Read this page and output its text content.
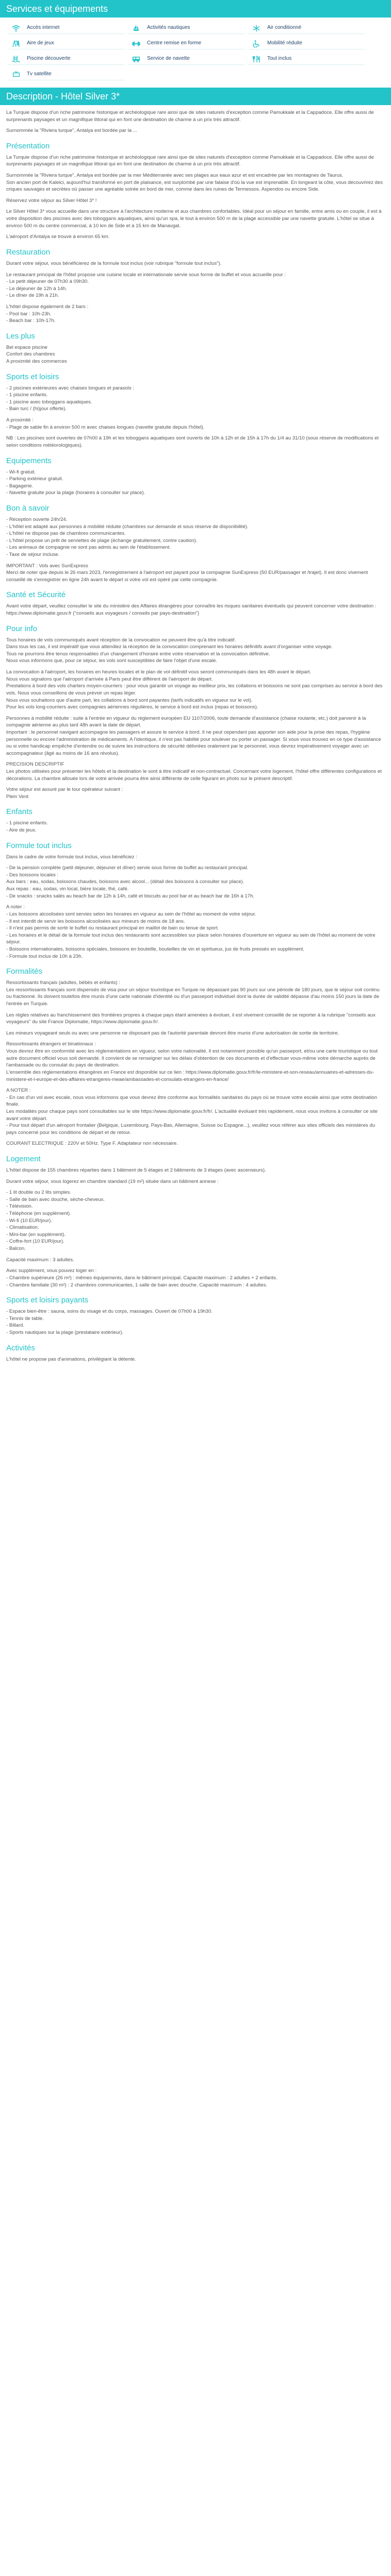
Services et équipements
Accès internet	Activités nautiques	Air conditionné
Aire de jeux	Centre remise en forme	Mobilité réduite
Piscine découverte	Service de navette	Tout inclus
Tv satellite
Description - Hôtel Silver 3*

La Turquie dispose d'un riche patrimoine historique et archéologique rare ainsi que de sites naturels d'exception comme Pamukkale et la Cappadoce. Elle offre aussi de surprenants paysages et un magnifique littoral qui en font une destination de charme à un prix très attractif.

Surnommée la "Riviera turque", Antalya est bordée par la ...

Présentation

La Turquie dispose d'un riche patrimoine historique et archéologique rare ainsi que de sites naturels d'exception comme Pamukkale et la Cappadoce. Elle offre aussi de surprenants paysages et un magnifique littoral qui en font une destination de charme à un prix très attractif.

Surnommée la "Riviera turque", Antalya est bordée par la mer Méditerranée avec ses plages aux eaux azur et est encadrée par les montagnes de Taurus.
Son ancien port de Kaleici, aujourd'hui transformé en port de plaisance, est surplombé par une falaise d'où la vue est imprenable. En longeant la côte, vous découvrirez des criques sauvages et secrètes où passer une agréable soirée en bord de mer, comme dans les ruines de Termessos. Aspendos ou encore Side.

Réservez votre séjour au Silver Hôtel 3* !

Le Silver Hôtel 3* vous accueille dans une structure à l'architecture moderne et aux chambres confortables. Idéal pour un séjour en famille, entre amis ou en couple, il est à votre disposition des piscines avec des toboggans aquatiques, ainsi qu'un spa, le tout à environ 500 m de la plage accessible par une navette gratuite. L'hôtel se situe à environ 500 m du centre commercial, à 10 km de Side et à 15 km de Manavgat.

L'aéroport d'Antalya se trouve à environ 65 km.

Restauration

Durant votre séjour, vous bénéficierez de la formule tout inclus (voir rubrique "formule tout inclus").

Le restaurant principal de l'hôtel propose une cuisine locale et internationale servie sous forme de buffet et vous accueille pour :
- Le petit déjeuner de 07h30 à 09h30.
- Le déjeuner de 12h à 14h.
- Le dîner de 19h à 21h.

L'hôtel dispose également de 2 bars :
- Pool bar : 10h-23h.
- Beach bar : 10h-17h.

Les plus

Bel espace piscine
Confort des chambres
A proximité des commerces

Sports et loisirs

- 2 piscines extérieures avec chaises longues et parasols :
- 1 piscine enfants.
- 1 piscine avec toboggans aquatiques.
- Bain turc / (hi)jour offerte).

A proximité :
- Plage de sable fin à environ 500 m avec chaises longues (navette gratuite depuis l'hôtel).

NB : Les piscines sont ouvertes de 07h00 à 19h et les toboggans aquatiques sont ouverts de 10h à 12h et de 15h à 17h du 1/4 au 31/10 (sous réserve de modifications et selon conditions météorologiques).

Equipements

- Wi-fi gratuit.
- Parking extérieur gratuit.
- Bagagerie.
- Navette gratuite pour la plage (horaires à consulter sur place).

Bon à savoir

- Réception ouverte 24h/24.
- L'hôtel est adapté aux personnes à mobilité réduite (chambres sur demande et sous réserve de disponibilité).
- L'hôtel ne dispose pas de chambres communicantes.
- L'hôtel propose un prêt de serviettes de plage (échange gratuitement, contre caution).
- Les animaux de compagnie ne sont pas admis au sein de l'établissement.
- Taxe de séjour incluse.

IMPORTANT : Vols avec SunExpress
Merci de noter que depuis le 26 mars 2023, l'enregistrement à l'aéroport est payant pour la compagnie SunExpress (50 EUR/passager et /trajet). Il est donc vivement conseillé de s'enregistrer en ligne 24h avant le départ si votre vol est opéré par cette compagnie.

Santé et Sécurité

Avant votre départ, veuillez consulter le site du ministère des Affaires étrangères pour connaître les risques sanitaires éventuels qui peuvent concerner votre destination : https://www.diplomatie.gouv.fr ("conseils aux voyageurs / conseils par pays-destination")

Pour info

Tous horaires de vols communiqués avant réception de la convocation ne peuvent être qu'à titre indicatif.
Dans tous les cas, il est impératif que vous attendiez la réception de la convocation comprenant les horaires définitifs avant d'organiser votre voyage.
Tous ne pourrons être tenus responsables d'un changement d'horaire entre votre réservation et la convocation définitive.
Nous vous informons que, pour ce séjour, les vols sont susceptibles de faire l'objet d'une escale.

La convocation à l'aéroport, les horaires en heures locales et le plan de vol définitif vous seront communiqués dans les 48h avant le départ.
Nous vous signalons que l'aéroport d'arrivée à Paris peut être différent de l'aéroport de départ.
Prestations à bord des vols charters moyen-courriers : pour vous garantir un voyage au meilleur prix, les collations et boissons ne sont pas comprises au service à bord des vols. Nous vous conseillons de vous prévoir un repas léger.
Nous vous souhaitons que d'autre part, les collations à bord sont payantes (tarifs indicatifs en vigueur sur le vol).
Pour les vols long-courriers avec compagnies aériennes régulières, le service à bord est inclus (repas et boissons).

Personnes à mobilité réduite : suite à l'entrée en vigueur du règlement européen EU 1107/2006, toute demande d'assistance (chaise roulante, etc.) doit parvenir à la compagnie aérienne au plus tard 48h avant la date de départ.
Important : le personnel navigant accompagne les passagers et assure le service à bord. Il ne peut cependant pas apporter son aide pour la prise des repas, l'hygiène personnelle ou encore l'administration de médicaments. A l'identique, il n'est pas habilité pour soulever ou porter un passager. Si vous vous trouvez en ce type d'assistance ou si votre handicap empêche d'entendre ou de suivre les instructions de sécurité délivrées oralement par le personnel, vous devrez impérativement voyager avec un accompagnateur (âgé au moins de 16 ans révolus).

PRECISION DESCRIPTIF
Les photos utilisées pour présenter les hôtels et la destination le sont à titre indicatif et non-contractuel. Concernant votre logement, l'hôtel offre différentes configurations et décorations. La chambre allouée lors de votre arrivée pourra être ainsi différente de celle figurant en photo sur le présent descriptif.

Votre séjour est assuré par le tour opérateur suivant :
Plein Vent

Enfants

- 1 piscine enfants.
- Aire de jeux.

Formule tout inclus

Dans le cadre de votre formule tout inclus, vous bénéficiez :

- De la pension complète (petit déjeuner, déjeuner et dîner) servie sous forme de buffet au restaurant principal.
- Des boissons locales :
Aux bars : eau, sodas, boissons chaudes, boissons avec alcool... (détail des boissons à consulter sur place).
Aux repas : eau, sodas, vin local, bière locale, thé, café.
- De snacks : snacks salés au beach bar de 12h à 14h, café et biscuits au pool bar et au beach bar de 16h à 17h.

A noter :
- Les boissons alcoolisées sont servies selon les horaires en vigueur au sein de l'hôtel au moment de votre séjour.
- Il est interdit de servir les boissons alcoolisées aux mineurs de moins de 18 ans.
- Il n'est pas permis de sortir le buffet ou restaurant principal en maillot de bain ou tenue de sport.
- Les horaires et le détail de la formule tout inclus des restaurants sont accessibles sur place selon horaires d'ouverture en vigueur au sein de l'hôtel au moment de votre séjour.
- Boissons internationales, boissons spéciales, boissons en bouteille, bouteilles de vin et spiritueux, jus de fruits pressés en supplément.
- Formule tout inclus de 10h à 23h.

Formalités

Ressortissants français (adultes, bébés et enfants) :
Les ressortissants français sont dispensés de visa pour un séjour touristique en Turquie ne dépassant pas 90 jours sur une période de 180 jours, que le séjour soit continu ou fractionné. Ils doivent toutefois être munis d'une carte nationale d'identité ou d'un passeport individuel dont la durée de validité dépasse d'au moins 150 jours la date de l'entrée en Turquie.

Les règles relatives au franchissement des frontières propres à chaque pays étant amenées à évoluer, il est vivement conseillé de se reporter à la rubrique "conseils aux voyageurs" du site France Diplomatie, https://www.diplomatie.gouv.fr/.

Les mineurs voyageant seuls ou avec une personne ne disposant pas de l'autorité parentale devront être munis d'une autorisation de sortie de territoire.

Ressortissants étrangers et binationaux :
Vous devrez être en conformité avec les réglementations en vigueur, selon votre nationalité. Il est notamment possible qu'un passeport, et/ou une carte touristique ou tout autre document officiel vous soit demandé. Il convient de se renseigner sur les délais d'obtention de ces documents et d'effectuer vous-même votre démarche auprès de l'ambassade ou du consulat du pays de destination.
L'ensemble des réglementations étrangères en France est disponible sur ce lien : https://www.diplomatie.gouv.fr/fr/le-ministere-et-son-reseau/annuaires-et-adresses-du-ministere-et-l-europe-et-des-affaires-etrangeres-meae/ambassades-et-consulats-etrangers-en-france/

A NOTER :
- En cas d'un vol avec escale, nous vous informons que vous devrez être conforme aux formalités sanitaires du pays où se trouve votre escale ainsi que votre destination finale.
Les modalités pour chaque pays sont consultables sur le site https://www.diplomatie.gouv.fr/fr/. L'actualité évoluant très rapidement, nous vous invitons à consulter ce site avant votre départ.
- Pour tout départ d'un aéroport frontalier (Belgique, Luxembourg, Pays-Bas, Allemagne, Suisse ou Espagne...), veuillez vous référer aux sites officiels des ministères du pays concerné pour les conditions de départ et de retour.

COURANT ELECTRIQUE : 220V et 50Hz. Type F. Adaptateur non nécessaire.

Logement

L'hôtel dispose de 155 chambres réparties dans 1 bâtiment de 5 étages et 2 bâtiments de 3 étages (avec ascenseurs).

Durant votre séjour, vous logerez en chambre standard (19 m²) située dans un bâtiment annexe :

- 1 lit double ou 2 lits simples.
- Salle de bain avec douche, sèche-cheveux.
- Télévision.
- Téléphone (en supplément).
- Wi-fi (10 EUR/jour).
- Climatisation.
- Mini-bar (en supplément).
- Coffre-fort (10 EUR/jour).
- Balcon.

Capacité maximum : 3 adultes.

Avec supplément, vous pouvez loger en :
- Chambre supérieure (26 m²) : mêmes équipements, dans le bâtiment principal. Capacité maximum : 2 adultes + 2 enfants.
- Chambre familiale (30 m²) : 2 chambres communicantes, 1 salle de bain avec douche. Capacité maximum : 4 adultes.

Sports et loisirs payants

- Espace bien-être : sauna, soins du visage et du corps, massages. Ouvert de 07h00 à 19h30.
- Tennis de table.
- Billard.
- Sports nautiques sur la plage (prestataire extérieur).

Activités

L'hôtel ne propose pas d'animations, privilégiant la détente.
